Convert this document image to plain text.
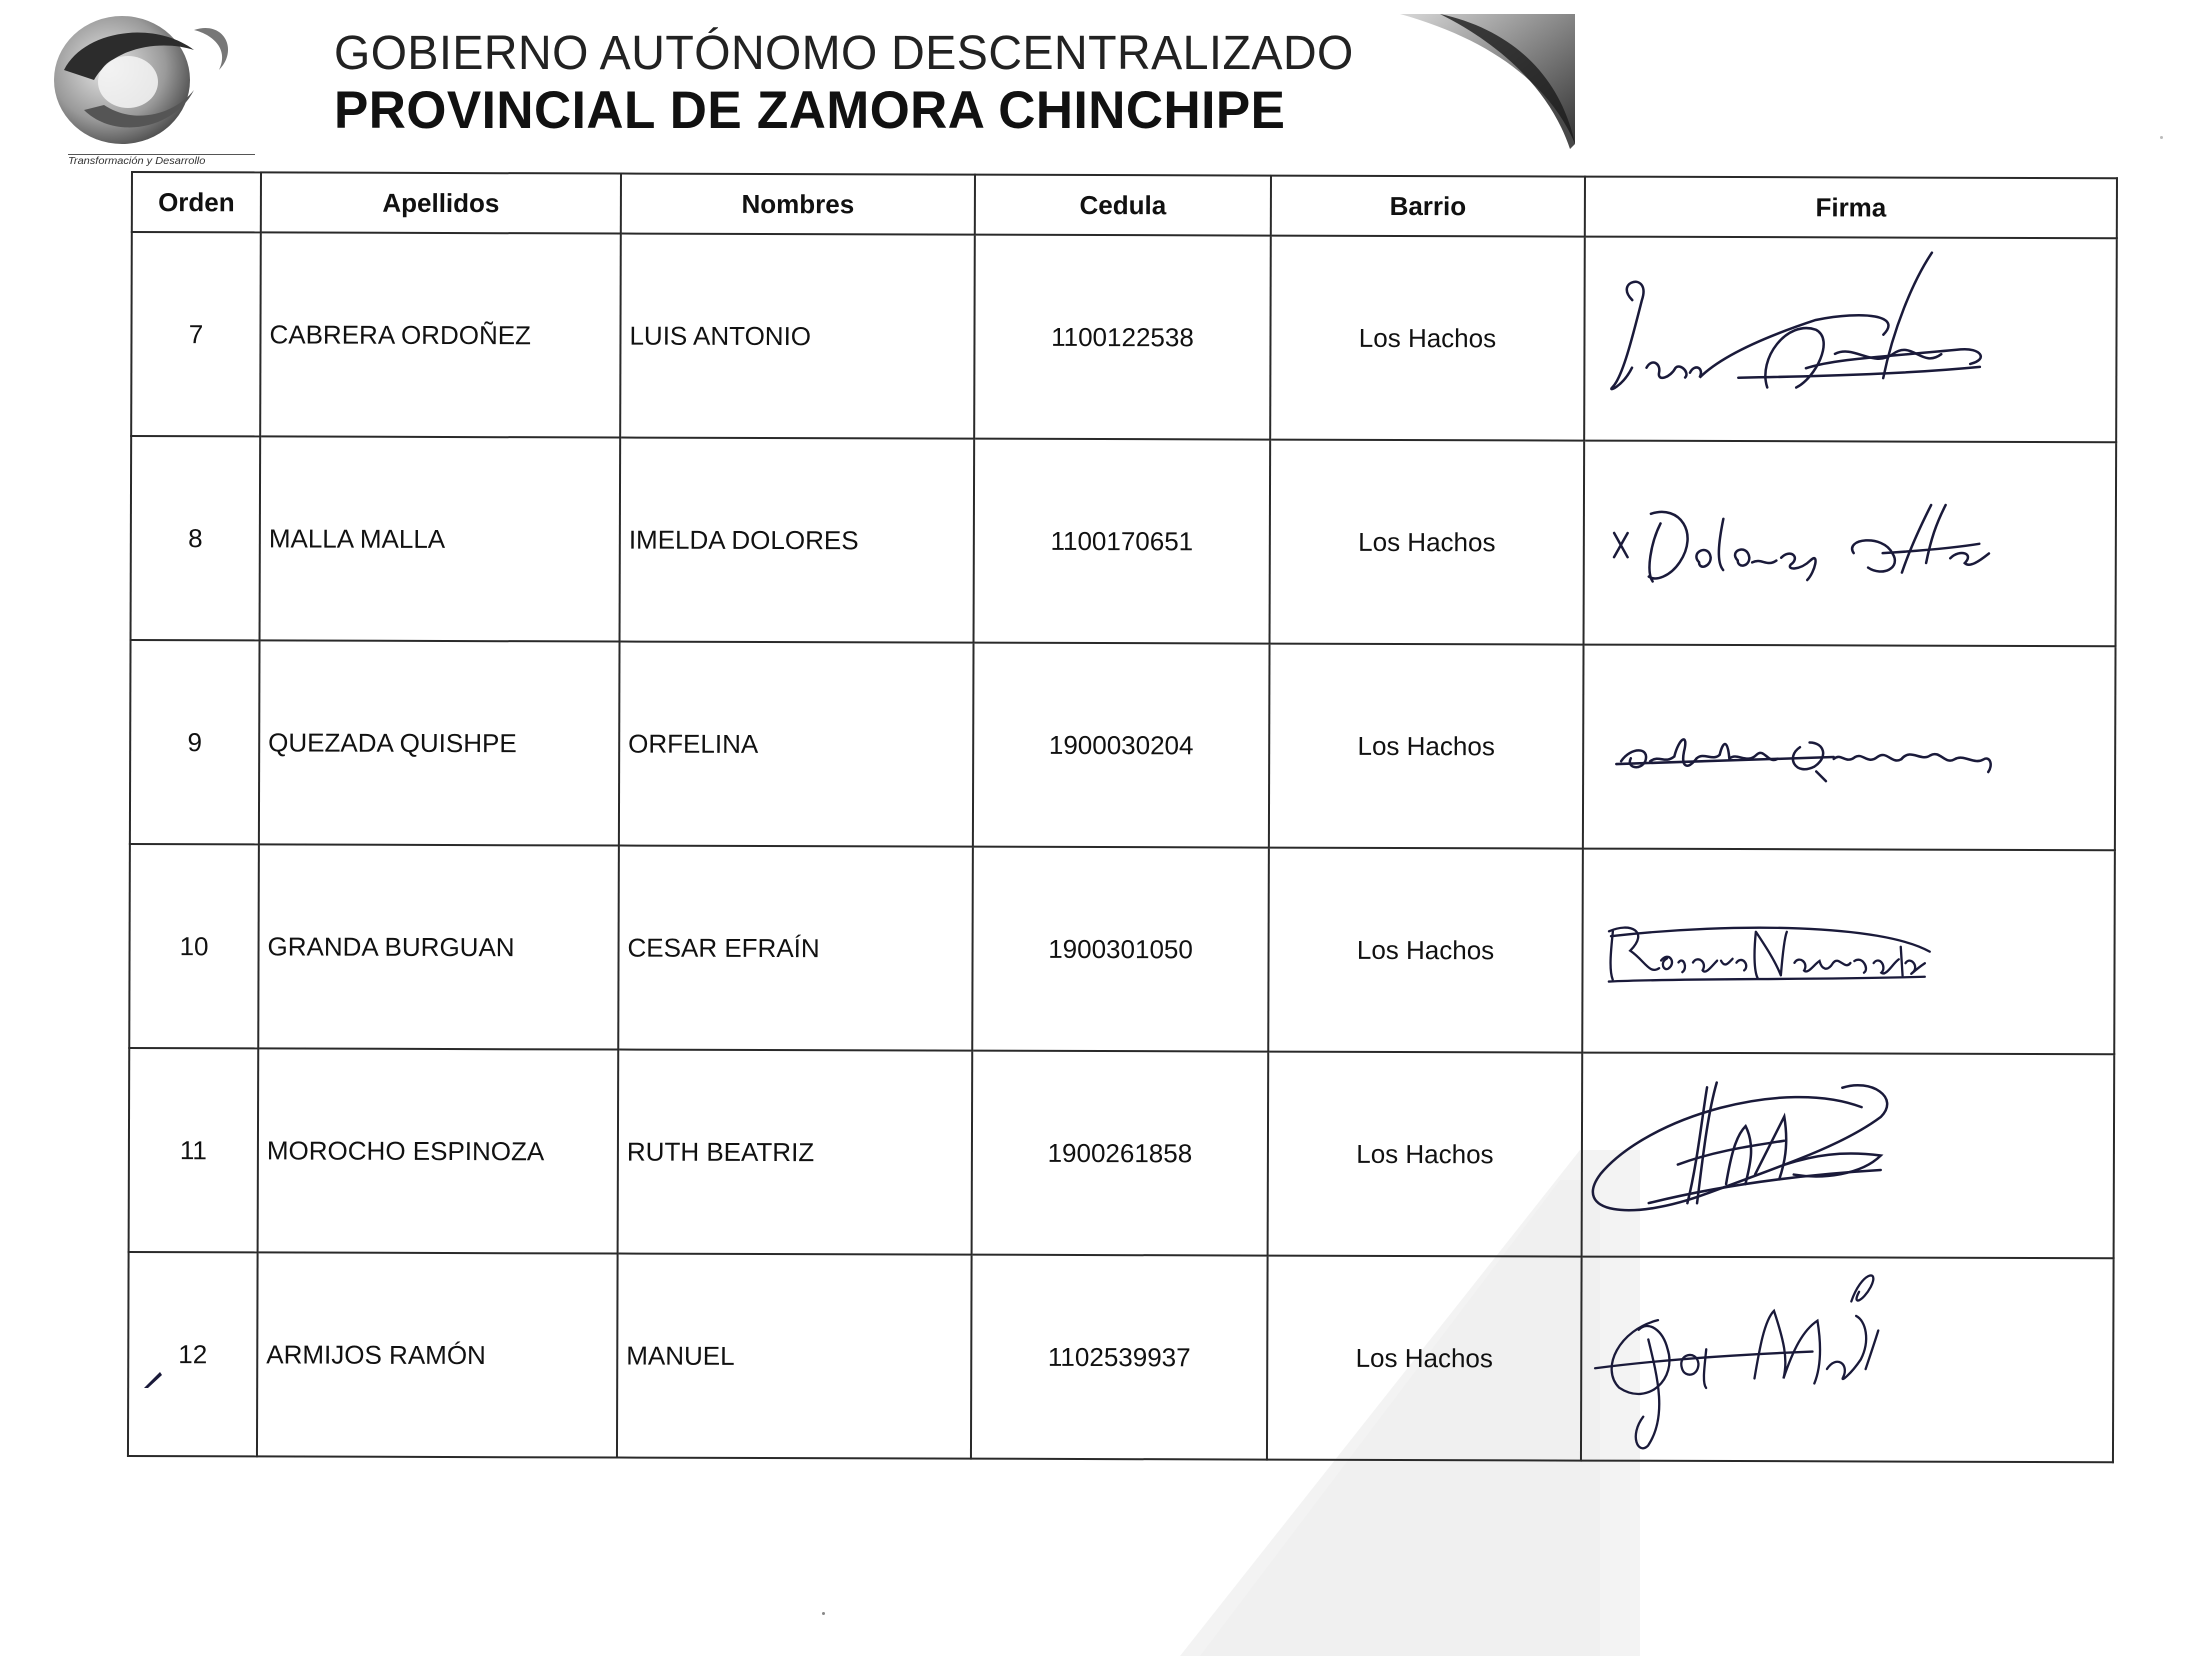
Transformación y Desarrollo
GOBIERNO AUTÓNOMO DESCENTRALIZADO
PROVINCIAL DE ZAMORA CHINCHIPE
Orden	Apellidos	Nombres	Cedula	Barrio	Firma
7	CABRERA ORDOÑEZ	LUIS ANTONIO	1100122538	Los Hachos	

8	MALLA MALLA	IMELDA DOLORES	1100170651	Los Hachos	

9	QUEZADA QUISHPE	ORFELINA	1900030204	Los Hachos	

10	GRANDA BURGUAN	CESAR EFRAÍN	1900301050	Los Hachos	

11	MOROCHO ESPINOZA	RUTH BEATRIZ	1900261858	Los Hachos	

12	ARMIJOS RAMÓN	MANUEL	1102539937	Los Hachos	
